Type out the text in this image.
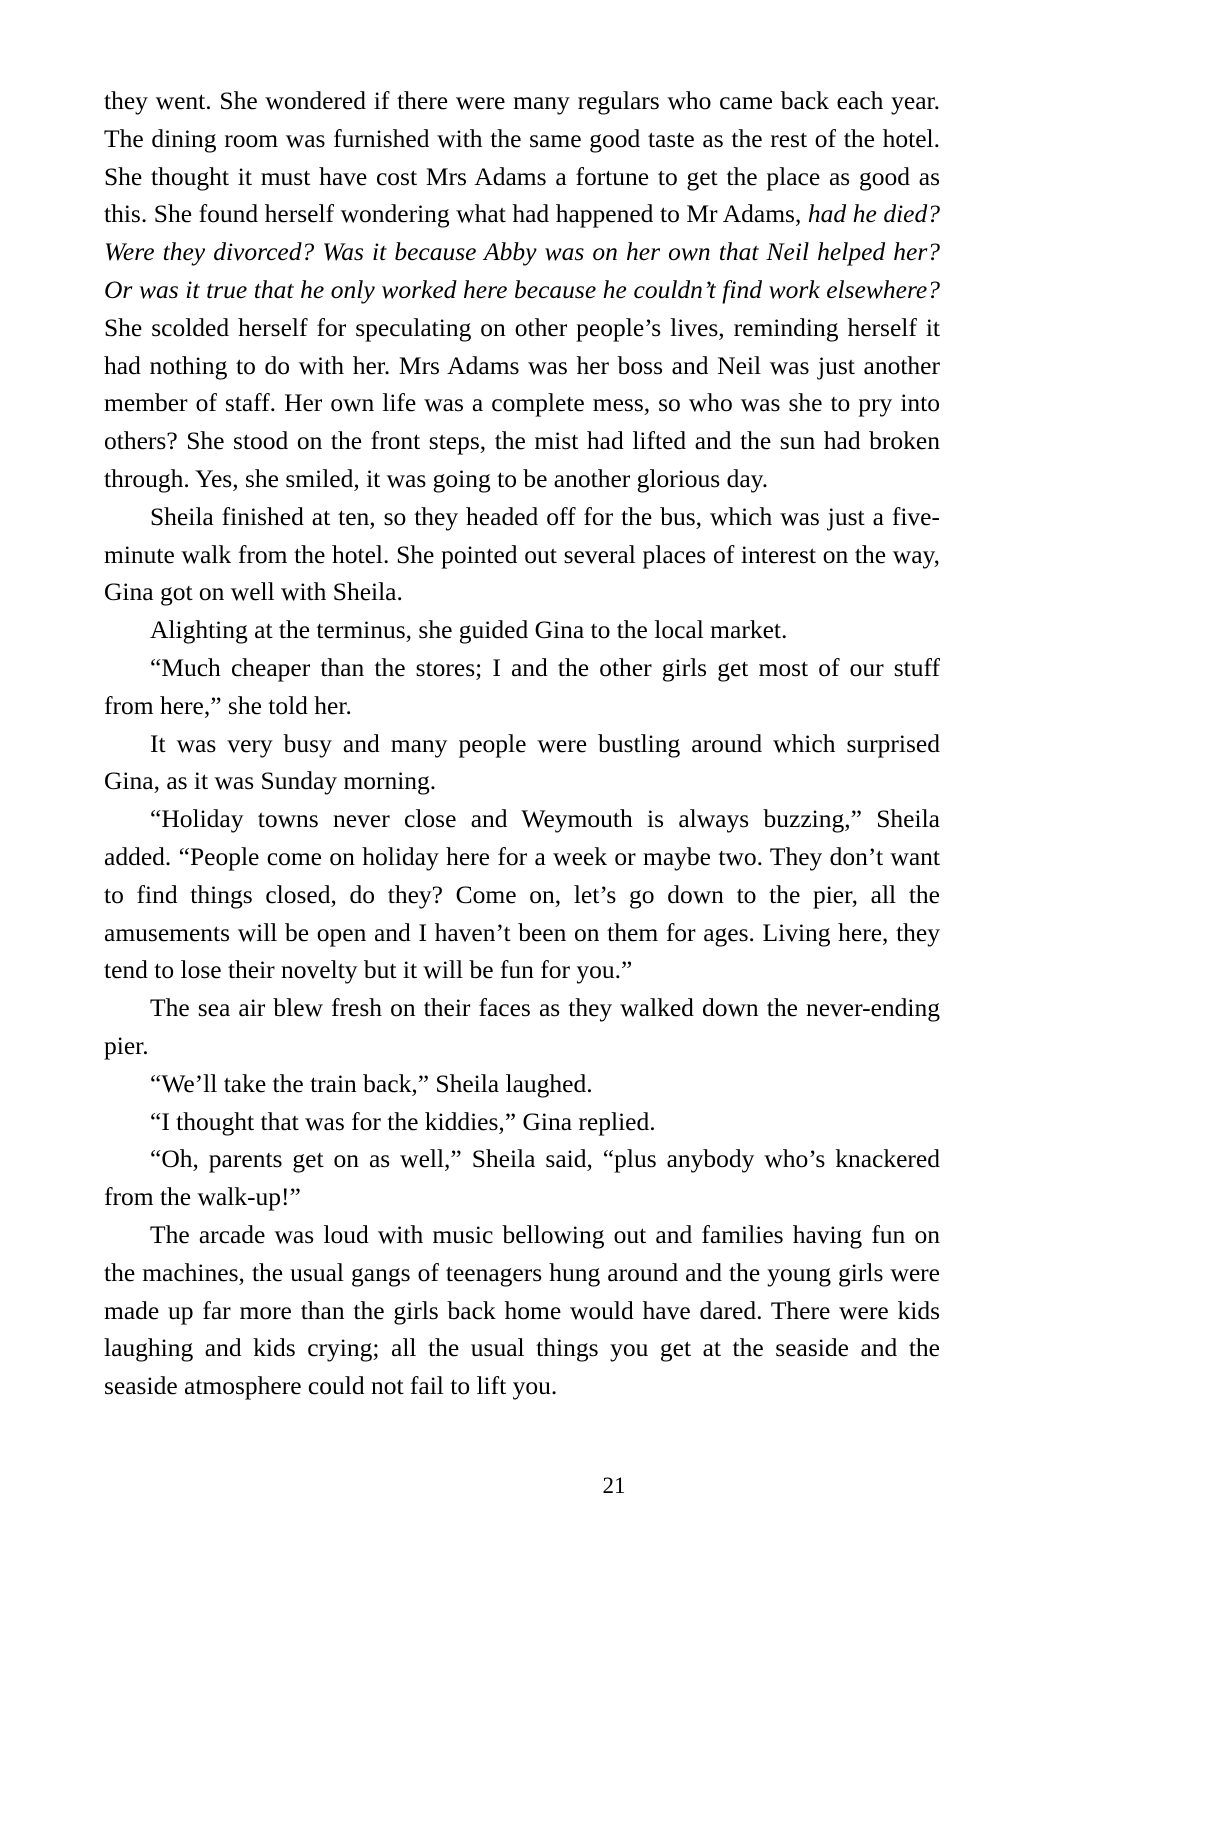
they went. She wondered if there were many regulars who came back each year. The dining room was furnished with the same good taste as the rest of the hotel. She thought it must have cost Mrs Adams a fortune to get the place as good as this. She found herself wondering what had happened to Mr Adams, had he died? Were they divorced? Was it because Abby was on her own that Neil helped her? Or was it true that he only worked here because he couldn’t find work elsewhere? She scolded herself for speculating on other people’s lives, reminding herself it had nothing to do with her. Mrs Adams was her boss and Neil was just another member of staff. Her own life was a complete mess, so who was she to pry into others? She stood on the front steps, the mist had lifted and the sun had broken through. Yes, she smiled, it was going to be another glorious day.

Sheila finished at ten, so they headed off for the bus, which was just a five-minute walk from the hotel. She pointed out several places of interest on the way, Gina got on well with Sheila.

Alighting at the terminus, she guided Gina to the local market.

“Much cheaper than the stores; I and the other girls get most of our stuff from here,” she told her.

It was very busy and many people were bustling around which surprised Gina, as it was Sunday morning.

“Holiday towns never close and Weymouth is always buzzing,” Sheila added. “People come on holiday here for a week or maybe two. They don’t want to find things closed, do they? Come on, let’s go down to the pier, all the amusements will be open and I haven’t been on them for ages. Living here, they tend to lose their novelty but it will be fun for you.”

The sea air blew fresh on their faces as they walked down the never-ending pier.

“We’ll take the train back,” Sheila laughed.

“I thought that was for the kiddies,” Gina replied.

“Oh, parents get on as well,” Sheila said, “plus anybody who’s knackered from the walk-up!”

The arcade was loud with music bellowing out and families having fun on the machines, the usual gangs of teenagers hung around and the young girls were made up far more than the girls back home would have dared. There were kids laughing and kids crying; all the usual things you get at the seaside and the seaside atmosphere could not fail to lift you.

21
